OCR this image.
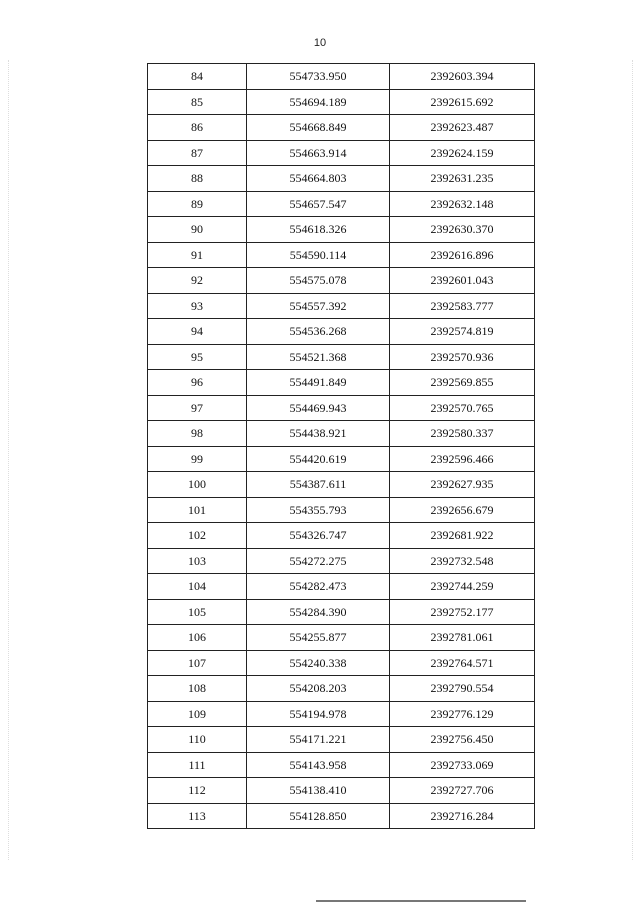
10
84	554733.950	2392603.394
85	554694.189	2392615.692
86	554668.849	2392623.487
87	554663.914	2392624.159
88	554664.803	2392631.235
89	554657.547	2392632.148
90	554618.326	2392630.370
91	554590.114	2392616.896
92	554575.078	2392601.043
93	554557.392	2392583.777
94	554536.268	2392574.819
95	554521.368	2392570.936
96	554491.849	2392569.855
97	554469.943	2392570.765
98	554438.921	2392580.337
99	554420.619	2392596.466
100	554387.611	2392627.935
101	554355.793	2392656.679
102	554326.747	2392681.922
103	554272.275	2392732.548
104	554282.473	2392744.259
105	554284.390	2392752.177
106	554255.877	2392781.061
107	554240.338	2392764.571
108	554208.203	2392790.554
109	554194.978	2392776.129
110	554171.221	2392756.450
111	554143.958	2392733.069
112	554138.410	2392727.706
113	554128.850	2392716.284
